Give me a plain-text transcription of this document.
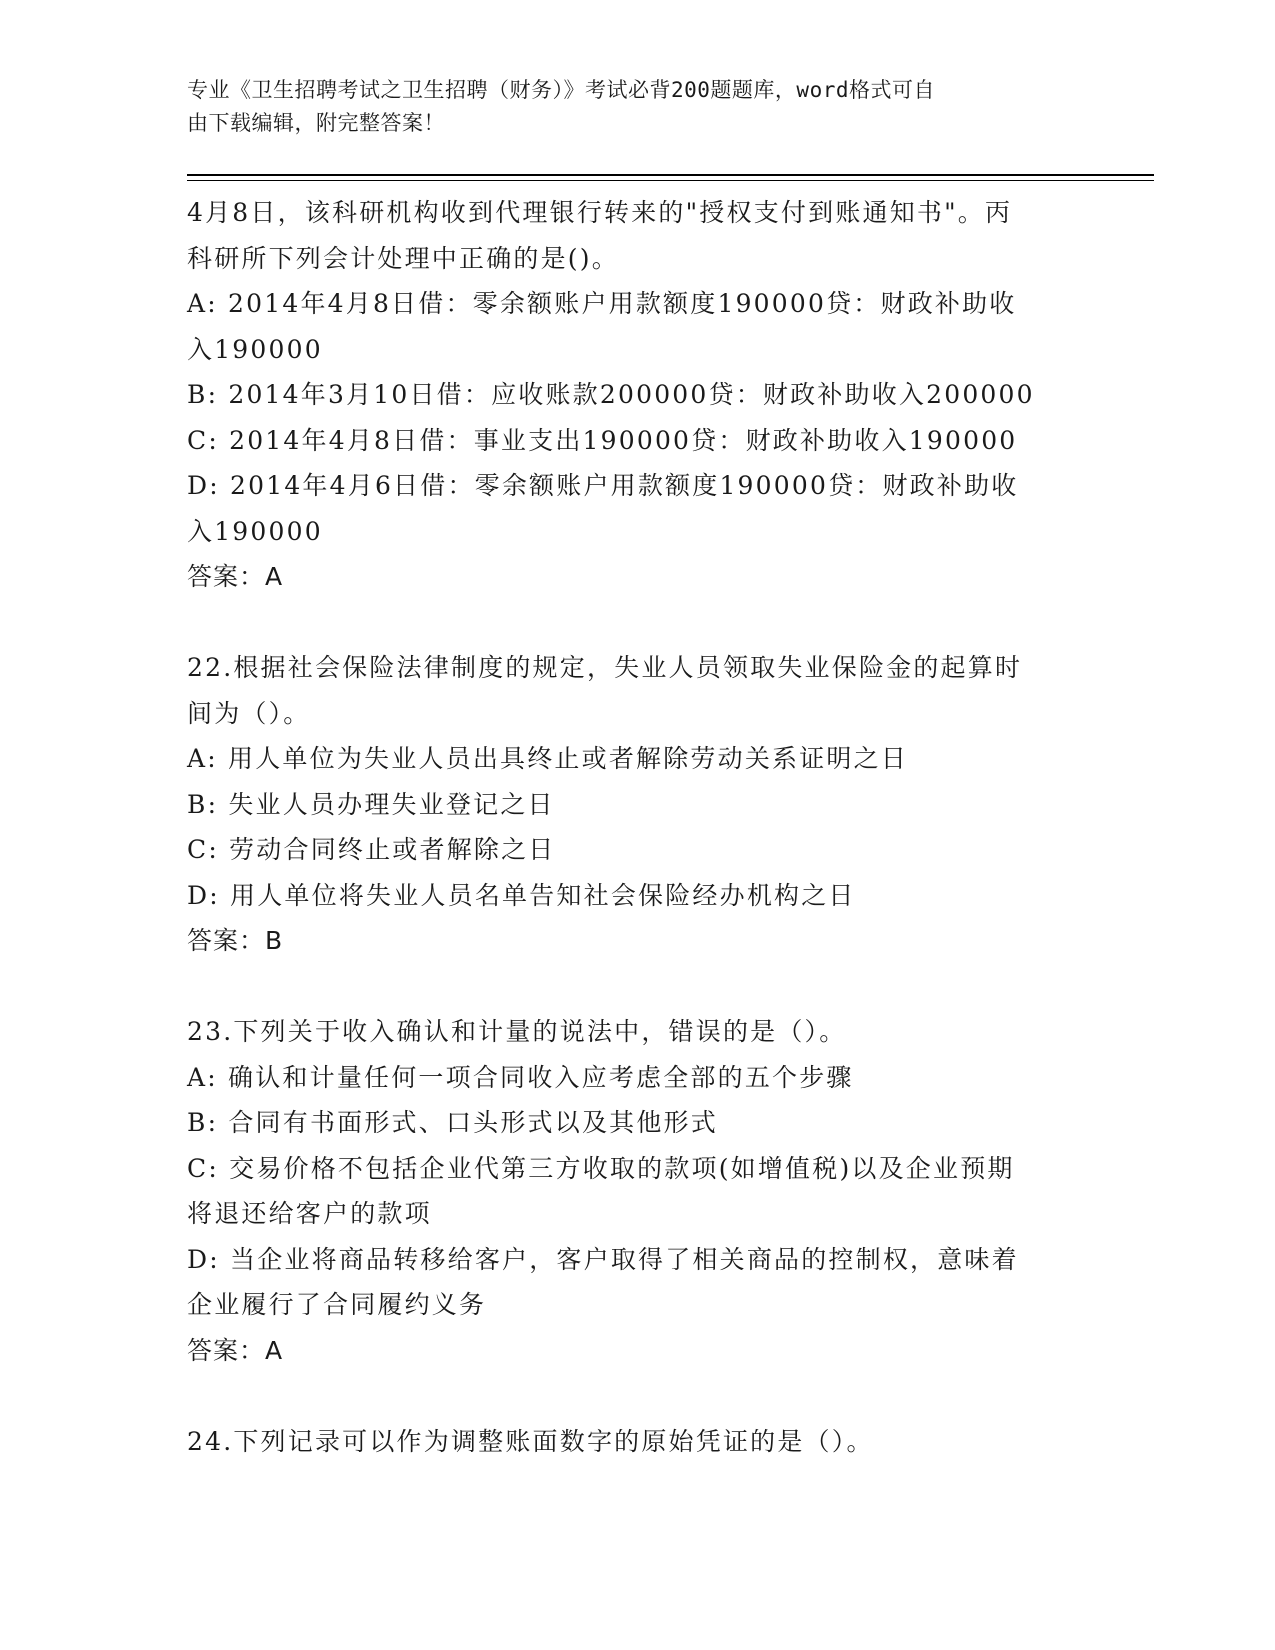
专业《卫生招聘考试之卫生招聘（财务）》考试必背200题题库，word格式可自
由下载编辑，附完整答案！
4月8日，该科研机构收到代理银行转来的"授权支付到账通知书"。丙
科研所下列会计处理中正确的是()。
A: 2014年4月8日借：零余额账户用款额度190000贷：财政补助收
入190000
B: 2014年3月10日借：应收账款200000贷：财政补助收入200000
C: 2014年4月8日借：事业支出190000贷：财政补助收入190000
D: 2014年4月6日借：零余额账户用款额度190000贷：财政补助收
入190000
答案：A
22.根据社会保险法律制度的规定，失业人员领取失业保险金的起算时
间为（）。
A: 用人单位为失业人员出具终止或者解除劳动关系证明之日
B: 失业人员办理失业登记之日
C: 劳动合同终止或者解除之日
D: 用人单位将失业人员名单告知社会保险经办机构之日
答案：B
23.下列关于收入确认和计量的说法中，错误的是（）。
A: 确认和计量任何一项合同收入应考虑全部的五个步骤
B: 合同有书面形式、口头形式以及其他形式
C: 交易价格不包括企业代第三方收取的款项(如增值税)以及企业预期
将退还给客户的款项
D: 当企业将商品转移给客户，客户取得了相关商品的控制权，意味着
企业履行了合同履约义务
答案：A
24.下列记录可以作为调整账面数字的原始凭证的是（）。
